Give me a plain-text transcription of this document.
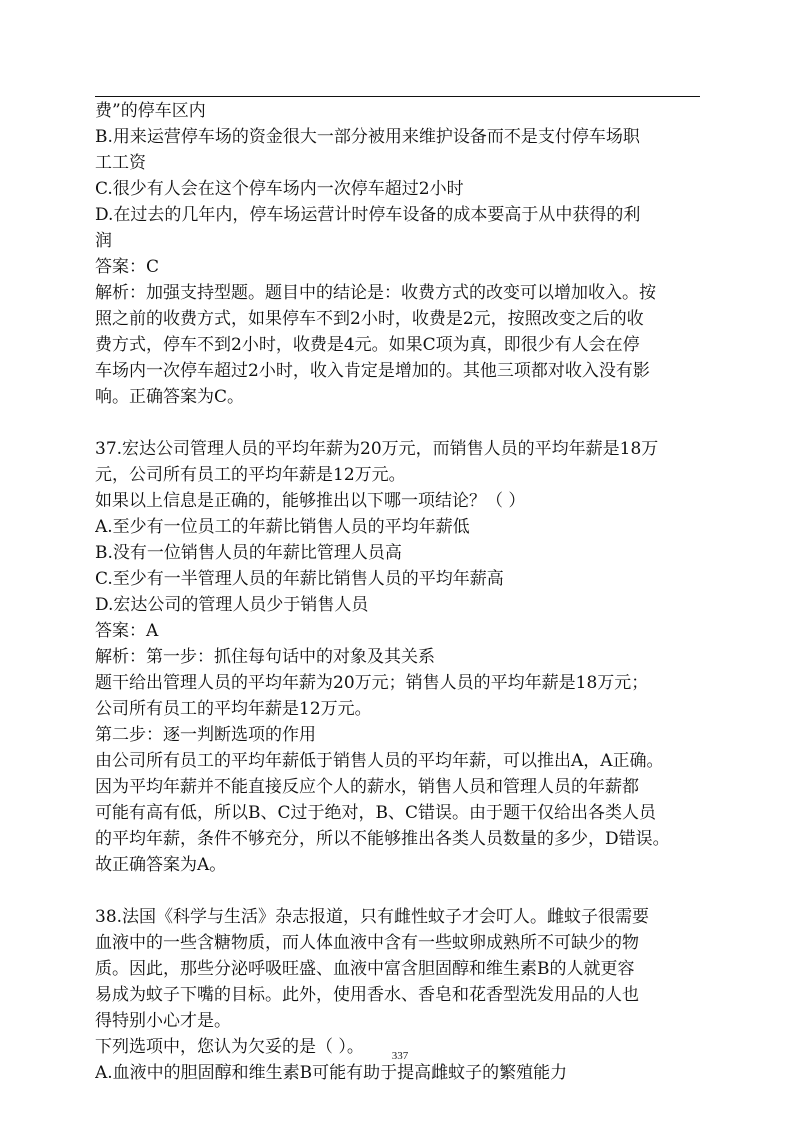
费”的停车区内
B.用来运营停车场的资金很大一部分被用来维护设备而不是支付停车场职
工工资
C.很少有人会在这个停车场内一次停车超过2小时
D.在过去的几年内，停车场运营计时停车设备的成本要高于从中获得的利
润
答案：C
解析：加强支持型题。题目中的结论是：收费方式的改变可以增加收入。按
照之前的收费方式，如果停车不到2小时，收费是2元，按照改变之后的收
费方式，停车不到2小时，收费是4元。如果C项为真，即很少有人会在停
车场内一次停车超过2小时，收入肯定是增加的。其他三项都对收入没有影
响。正确答案为C。
37.宏达公司管理人员的平均年薪为20万元，而销售人员的平均年薪是18万
元，公司所有员工的平均年薪是12万元。
如果以上信息是正确的，能够推出以下哪一项结论？（ ）
A.至少有一位员工的年薪比销售人员的平均年薪低
B.没有一位销售人员的年薪比管理人员高
C.至少有一半管理人员的年薪比销售人员的平均年薪高
D.宏达公司的管理人员少于销售人员
答案：A
解析：第一步：抓住每句话中的对象及其关系
题干给出管理人员的平均年薪为20万元；销售人员的平均年薪是18万元；
公司所有员工的平均年薪是12万元。
第二步：逐一判断选项的作用
由公司所有员工的平均年薪低于销售人员的平均年薪，可以推出A，A正确。
因为平均年薪并不能直接反应个人的薪水，销售人员和管理人员的年薪都
可能有高有低，所以B、C过于绝对，B、C错误。由于题干仅给出各类人员
的平均年薪，条件不够充分，所以不能够推出各类人员数量的多少，D错误。
故正确答案为A。
38.法国《科学与生活》杂志报道，只有雌性蚊子才会叮人。雌蚊子很需要
血液中的一些含糖物质，而人体血液中含有一些蚊卵成熟所不可缺少的物
质。因此，那些分泌呼吸旺盛、血液中富含胆固醇和维生素B的人就更容
易成为蚊子下嘴的目标。此外，使用香水、香皂和花香型洗发用品的人也
得特别小心才是。
下列选项中，您认为欠妥的是（ ）。
A.血液中的胆固醇和维生素B可能有助于提高雌蚊子的繁殖能力
337
